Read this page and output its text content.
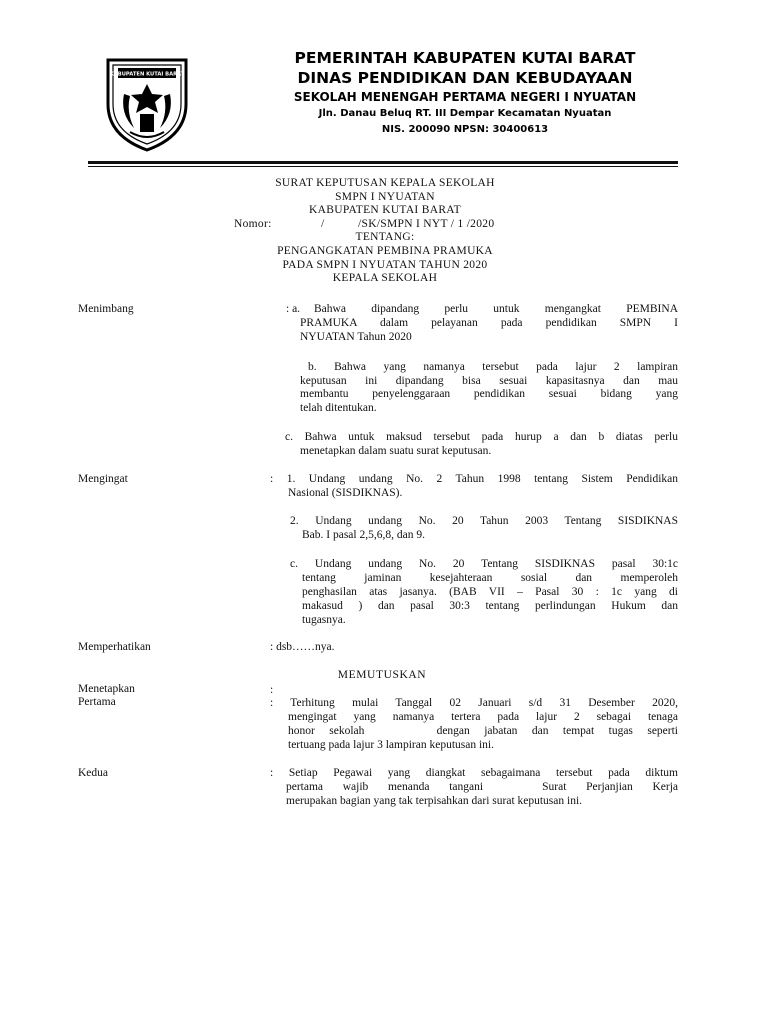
KABUPATEN KUTAI BARAT
PEMERINTAH KABUPATEN KUTAI BARAT
DINAS PENDIDIKAN DAN KEBUDAYAAN
SEKOLAH MENENGAH PERTAMA NEGERI I NYUATAN
Jln. Danau Beluq RT. III Dempar Kecamatan Nyuatan
NIS. 200090 NPSN: 30400613
SURAT KEPUTUSAN KEPALA SEKOLAH
SMPN I NYUATAN
KABUPATEN KUTAI BARAT
Nomor:	/	/SK/SMPN I NYT / 1 /2020
TENTANG:
PENGANGKATAN PEMBINA PRAMUKA
PADA SMPN I NYUATAN TAHUN 2020
KEPALA SEKOLAH
Menimbang	: a. Bahwa dipandang perlu untuk mengangkat PEMBINA
PRAMUKA dalam pelayanan pada pendidikan SMPN I
NYUATAN Tahun 2020
b. Bahwa yang namanya tersebut pada lajur 2 lampiran
keputusan ini dipandang bisa sesuai kapasitasnya dan mau
membantu penyelenggaraan pendidikan sesuai bidang yang
telah ditentukan.
c. Bahwa untuk maksud tersebut pada hurup a dan b diatas perlu
menetapkan dalam suatu surat keputusan.
Mengingat	: 1. Undang undang No. 2 Tahun 1998 tentang Sistem Pendidikan
Nasional (SISDIKNAS).
2. Undang undang No. 20 Tahun 2003 Tentang SISDIKNAS
Bab. I pasal 2,5,6,8, dan 9.
c. Undang undang No. 20 Tentang SISDIKNAS pasal 30:1c
tentang jaminan kesejahteraan sosial dan memperoleh
penghasilan atas jasanya. (BAB VII – Pasal 30 : 1c yang di
makasud ) dan pasal 30:3 tentang perlindungan Hukum dan
tugasnya.
Memperhatikan	: dsb……nya.
MEMUTUSKAN
Menetapkan	:
Pertama	: Terhitung mulai Tanggal 02 Januari s/d 31 Desember 2020,
mengingat yang namanya tertera pada lajur 2 sebagai tenaga
honor sekolah     dengan jabatan dan tempat tugas seperti
tertuang pada lajur 3 lampiran keputusan ini.
Kedua	: Setiap Pegawai yang diangkat sebagaimana tersebut pada diktum
pertama wajib menanda tangani   Surat Perjanjian Kerja
merupakan bagian yang tak terpisahkan dari surat keputusan ini.
